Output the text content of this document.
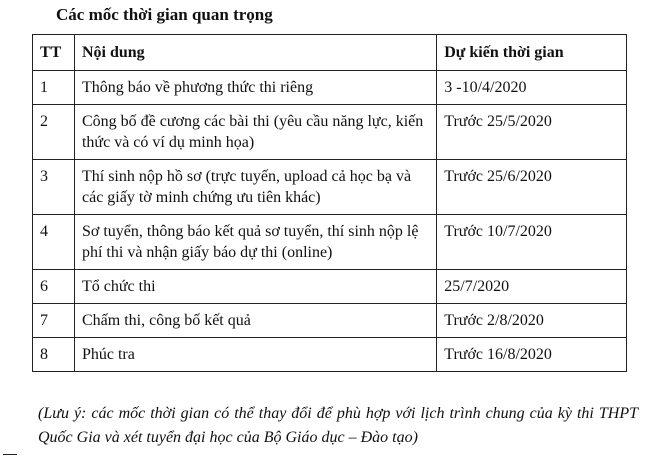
Các mốc thời gian quan trọng
TT	Nội dung	Dự kiến thời gian
1	Thông báo về phương thức thi riêng	3 -10/4/2020
2	Công bố đề cương các bài thi (yêu cầu năng lực, kiến thức và có ví dụ minh họa)	Trước 25/5/2020
3	Thí sinh nộp hồ sơ (trực tuyến, upload cả học bạ và các giấy tờ minh chứng ưu tiên khác)	Trước 25/6/2020
4	Sơ tuyển, thông báo kết quả sơ tuyển, thí sinh nộp lệ phí thi và nhận giấy báo dự thi (online)	Trước 10/7/2020
6	Tổ chức thi	25/7/2020
7	Chấm thi, công bố kết quả	Trước 2/8/2020
8	Phúc tra	Trước 16/8/2020
(Lưu ý: các mốc thời gian có thể thay đổi để phù hợp với lịch trình chung của kỳ thi THPT Quốc Gia và xét tuyển đại học của Bộ Giáo dục – Đào tạo)
